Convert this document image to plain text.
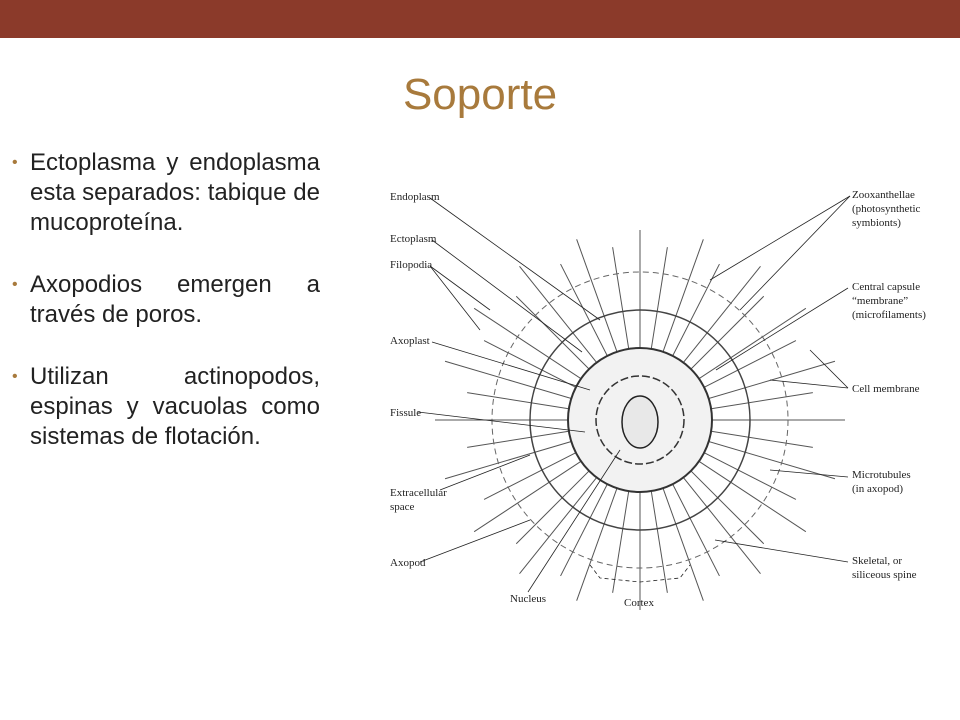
Soporte
• Ectoplasma y endoplasma esta separados: tabique de mucoproteína.
• Axopodios emergen a través de poros.
• Utilizan actinopodos, espinas y vacuolas como sistemas de flotación.
Endoplasm
Ectoplasm
Filopodia
Axoplast
Fissule
Extracellular
space
Axopod
Zooxanthellae
(photosynthetic
symbionts)
Central capsule
“membrane”
(microfilaments)
Cell membrane
Microtubules
(in axopod)
Skeletal, or
siliceous spine
Nucleus	Cortex
